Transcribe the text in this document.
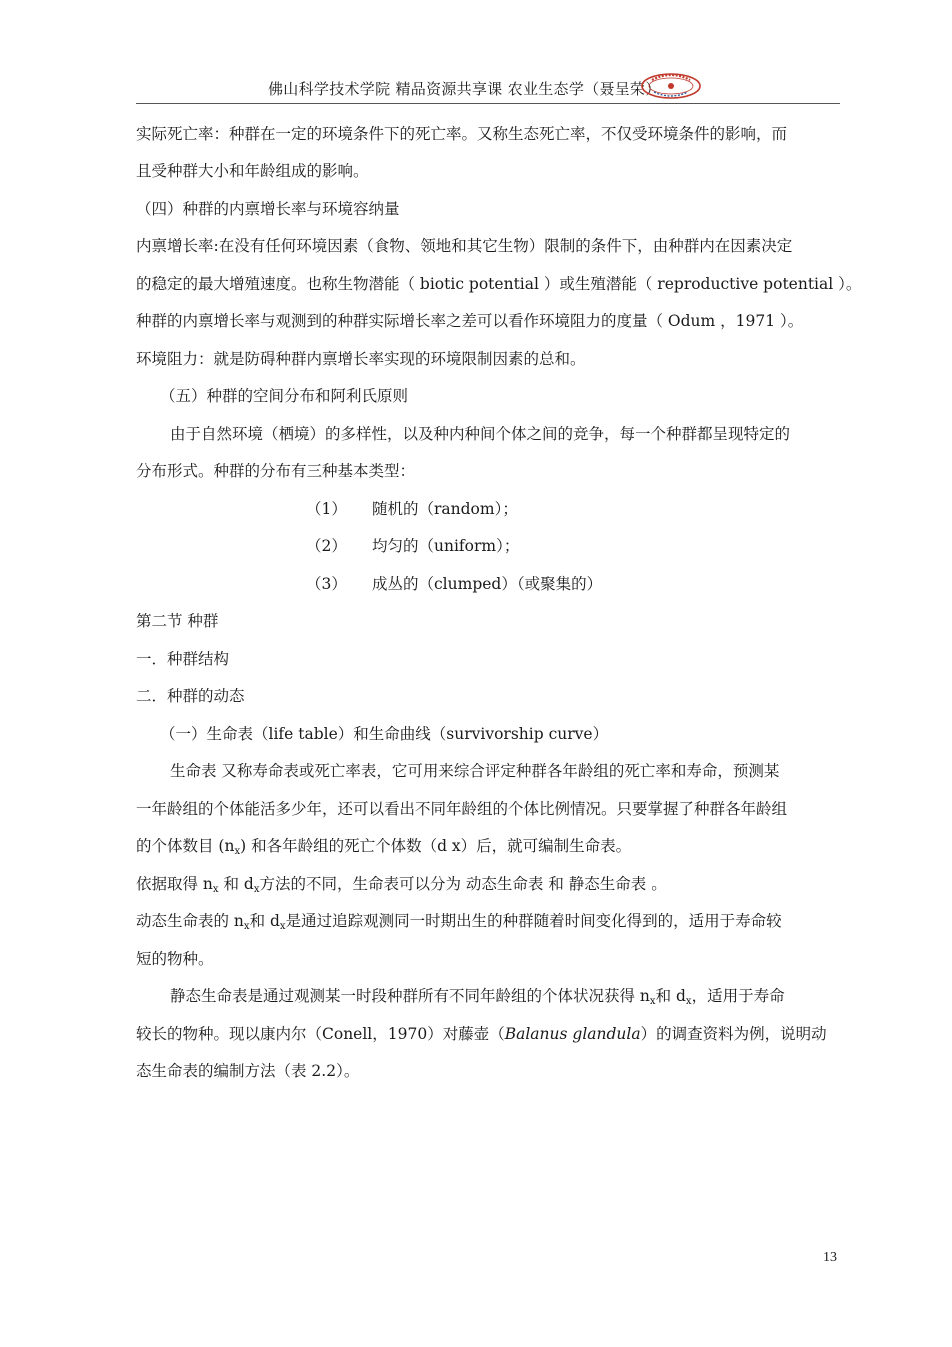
佛山科学技术学院 精品资源共享课 农业生态学（聂呈荣）
实际死亡率：种群在一定的环境条件下的死亡率。又称生态死亡率，不仅受环境条件的影响，而
且受种群大小和年龄组成的影响。
（四）种群的内禀增长率与环境容纳量
内禀增长率:在没有任何环境因素（食物、领地和其它生物）限制的条件下，由种群内在因素决定
的稳定的最大增殖速度。也称生物潜能（ biotic potential ）或生殖潜能（ reproductive potential ）。
种群的内禀增长率与观测到的种群实际增长率之差可以看作环境阻力的度量（ Odum ，1971 ）。
环境阻力：就是防碍种群内禀增长率实现的环境限制因素的总和。
（五）种群的空间分布和阿利氏原则
由于自然环境（栖境）的多样性，以及种内种间个体之间的竞争，每一个种群都呈现特定的
分布形式。种群的分布有三种基本类型：
（1） 随机的（random）；
（2） 均匀的（uniform）；
（3） 成丛的（clumped）（或聚集的）
第二节 种群
一．种群结构
二．种群的动态
（一）生命表（life table）和生命曲线（survivorship curve）
生命表 又称寿命表或死亡率表，它可用来综合评定种群各年龄组的死亡率和寿命，预测某
一年龄组的个体能活多少年，还可以看出不同年龄组的个体比例情况。只要掌握了种群各年龄组
的个体数目 $(n_x)$ 和各年龄组的死亡个体数（d x）后，就可编制生命表。
依据取得 $n_x$ 和 $d_x$方法的不同，生命表可以分为 动态生命表 和 静态生命表 。
动态生命表的 $n_x$和 $d_x$是通过追踪观测同一时期出生的种群随着时间变化得到的，适用于寿命较
短的物种。
静态生命表是通过观测某一时段种群所有不同年龄组的个体状况获得 $n_x$和 $d_x$，适用于寿命
较长的物种。现以康内尔（Conell，1970）对藤壶（Balanus glandula）的调查资料为例，说明动
态生命表的编制方法（表 2.2）。
13
